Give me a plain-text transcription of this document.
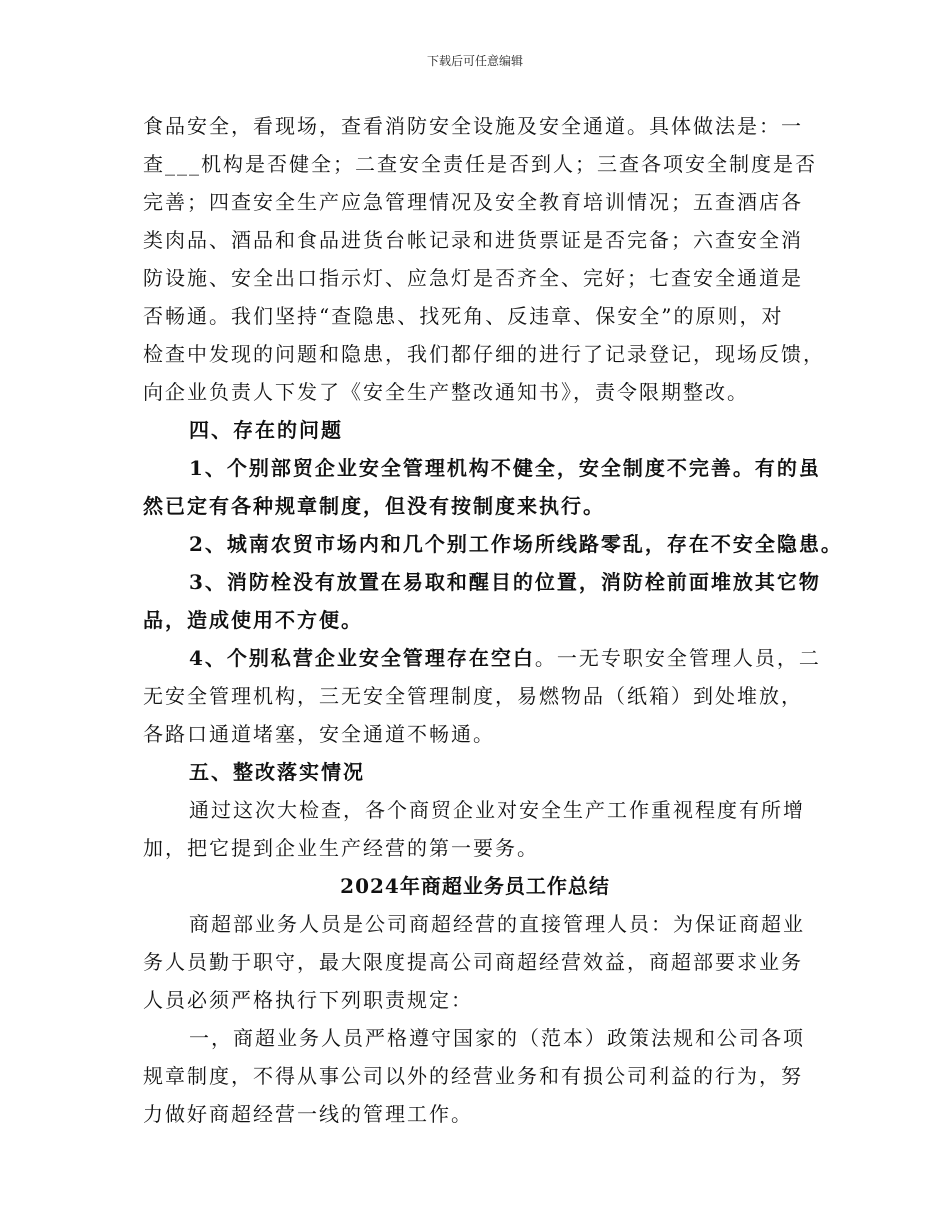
下载后可任意编辑
食品安全，看现场，查看消防安全设施及安全通道。具体做法是：一
查___机构是否健全；二查安全责任是否到人；三查各项安全制度是否
完善；四查安全生产应急管理情况及安全教育培训情况；五查酒店各
类肉品、酒品和食品进货台帐记录和进货票证是否完备；六查安全消
防设施、安全出口指示灯、应急灯是否齐全、完好；七查安全通道是
否畅通。我们坚持“查隐患、找死角、反违章、保安全”的原则，对
检查中发现的问题和隐患，我们都仔细的进行了记录登记，现场反馈，
向企业负责人下发了《安全生产整改通知书》，责令限期整改。
四、存在的问题
1、个别部贸企业安全管理机构不健全，安全制度不完善。有的虽
然已定有各种规章制度，但没有按制度来执行。
2、城南农贸市场内和几个别工作场所线路零乱，存在不安全隐患。
3、消防栓没有放置在易取和醒目的位置，消防栓前面堆放其它物
品，造成使用不方便。
4、个别私营企业安全管理存在空白。一无专职安全管理人员，二
无安全管理机构，三无安全管理制度，易燃物品（纸箱）到处堆放，
各路口通道堵塞，安全通道不畅通。
五、整改落实情况
通过这次大检查，各个商贸企业对安全生产工作重视程度有所增
加，把它提到企业生产经营的第一要务。
2024年商超业务员工作总结
商超部业务人员是公司商超经营的直接管理人员：为保证商超业
务人员勤于职守，最大限度提高公司商超经营效益，商超部要求业务
人员必须严格执行下列职责规定：
一，商超业务人员严格遵守国家的（范本）政策法规和公司各项
规章制度，不得从事公司以外的经营业务和有损公司利益的行为，努
力做好商超经营一线的管理工作。
